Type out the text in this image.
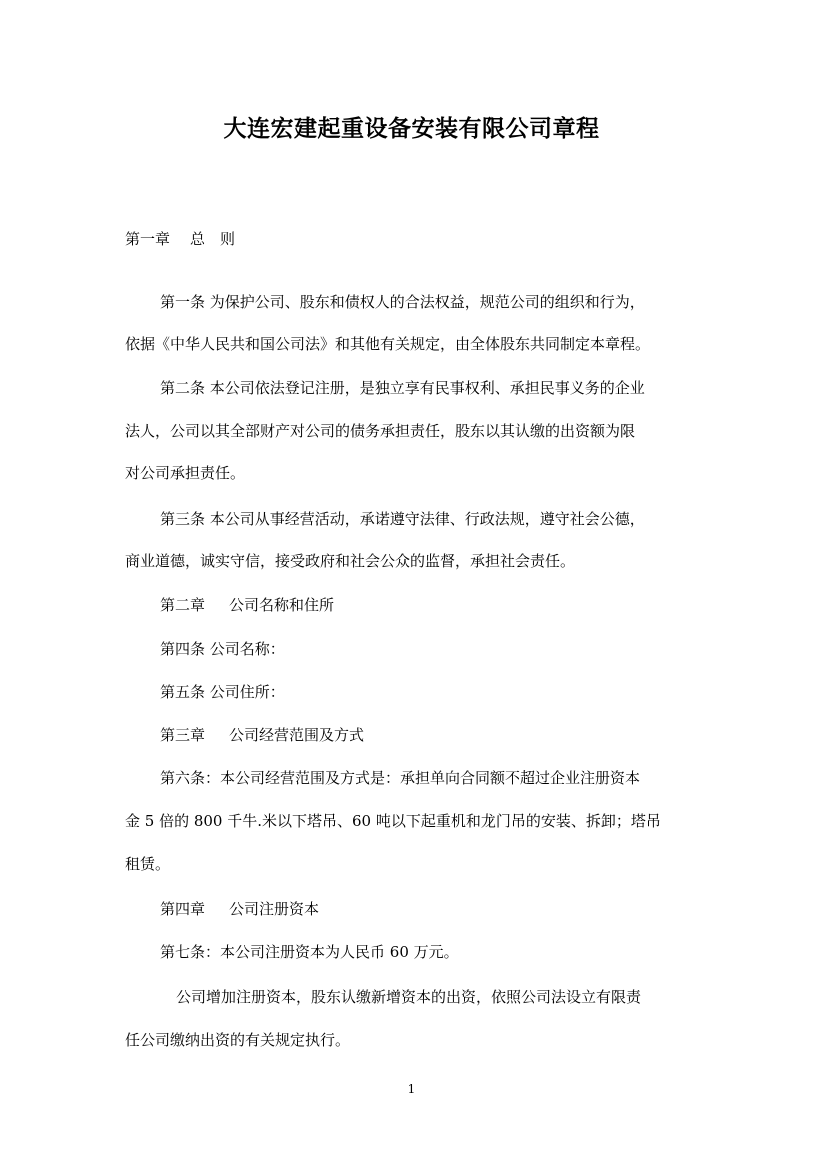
大连宏建起重设备安装有限公司章程
第一章 总　则
第一条 为保护公司、股东和债权人的合法权益，规范公司的组织和行为，
依据《中华人民共和国公司法》和其他有关规定，由全体股东共同制定本章程。
第二条 本公司依法登记注册，是独立享有民事权利、承担民事义务的企业
法人，公司以其全部财产对公司的债务承担责任，股东以其认缴的出资额为限
对公司承担责任。
第三条 本公司从事经营活动，承诺遵守法律、行政法规，遵守社会公德，
商业道德，诚实守信，接受政府和社会公众的监督，承担社会责任。
第二章 公司名称和住所
第四条 公司名称：
第五条 公司住所：
第三章 公司经营范围及方式
第六条：本公司经营范围及方式是：承担单向合同额不超过企业注册资本
金 5 倍的 800 千牛.米以下塔吊、60 吨以下起重机和龙门吊的安装、拆卸；塔吊
租赁。
第四章 公司注册资本
第七条：本公司注册资本为人民币 60 万元。
公司增加注册资本，股东认缴新增资本的出资，依照公司法设立有限责
任公司缴纳出资的有关规定执行。
1
